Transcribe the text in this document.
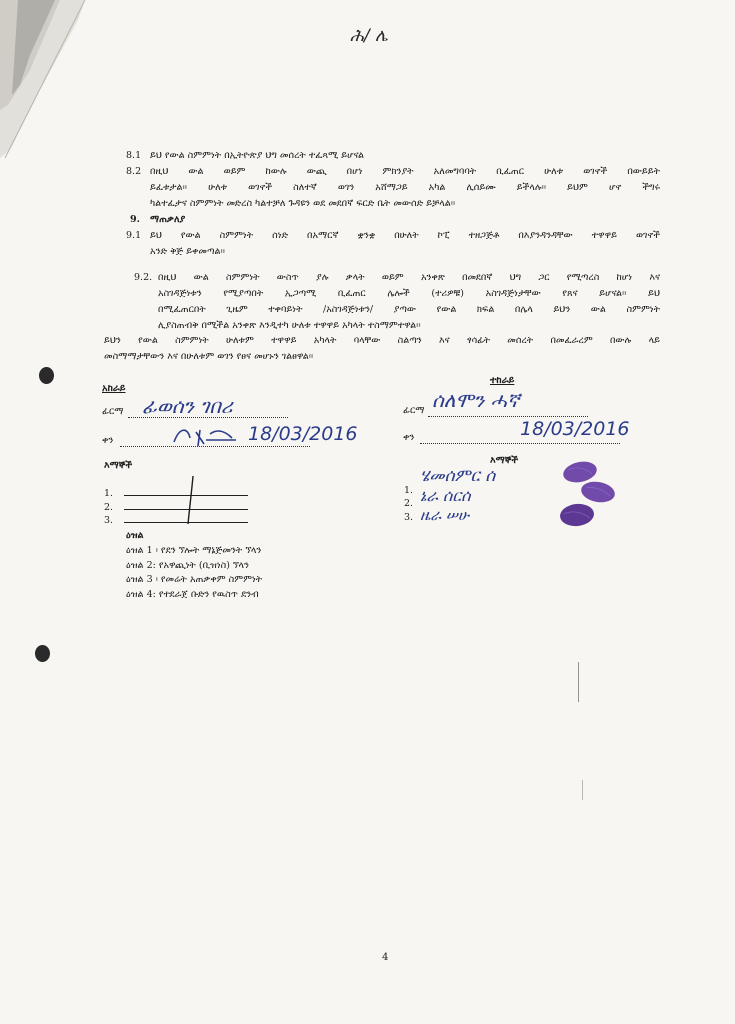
ሕ/ ሌ
8.1 ይህ የውል ስምምነት በኢትዮጵያ ህግ መሰረት ተፈጻሚ ይሆናል
8.2 በዚህ ውል ወይም ከውሉ ውጪ በሆነ ምክንያት አለመግባባት ቢፈጠር ሁለቱ ወገኖች በውይይት
ይፈቱታል፡፡ ሁለቱ ወገኖች ስለተኛ ወገን አሸማጋይ አካል ሊሰይሙ ይችላሉ፡፡ ይህም ሆኖ ችግሩ
ካልተፈታና ስምምነት መድረስ ካልተቻለ ጉዳዩን ወደ መደበኛ ፍርድ ቤት መውሰድ ይቻላል፡፡
9. ማጠቃለያ
9.1 ይህ የውል ስምምነት ሰነድ በአማርኛ ቋንቋ በሁለት ኮፒ ተዘጋጅቶ በእያንዳንዳቸው ተዋዋይ ወገኖች
አንድ ቅጅ ይቀመጣል፡፡
9.2. በዚህ ውል ስምምነት ውስጥ ያሉ ቃላት ወይም አንቀጽ በመደበኛ ህግ ጋር የሚጣረስ ከሆነ እና
አስገዳጅነቱን የሚያጣበት ኢጋጣሚ ቢፈጠር ሌሎች (ተሪዎቹ) አስገዳጅነታቸው የጸና ይሆናል፡፡ ይህ
በሚፈጠርበት ጊዜም ተቀባይነት /አስገዳጅነቱን/ ያጣው የውል ክፍል በሌላ ይህን ውል ስምምነት
ሊያስጠብቅ በሚችል አንቀጽ እንዲተካ ሁለቱ ተዋዋይ አካላት ተስማምተዋል፡፡
ይህን የውል ስምምነት ሁለቱም ተዋዋይ አካላት ባላቸው ስልጣን እና ፃሳፊት መሰረት በመፈራረም በውሉ ላይ
መስማማታቸውን እና በሁለቱም ወገን የፀና መሆኑን ገልፀዋል፡፡
አከራይ
ፊርማ ፊወሰን ገበሪ
ቀን	18/03/2016
ተከራይ
ፊርማ ሰለሞን ሓኛ
ቀን	18/03/2016
እማኞች
1.
2.
3.
እማኞች
1.
ሄመሰምር ሰ
2. ኔራ ሰርሰ
3. ዜራ ሠሁ
ዕዝል
ዕዝል 1 ፡ የደን ኘሎት ማኔጅመንት ኘላን
ዕዝል 2: የአዋጪነት (ቢዝነስ) ኘላን
ዕዝል 3 ፡ የመሬት አጠቃቀም ስምምነት
ዕዝል 4: የተደራጀ ቡድን የዉስጥ ደንብ
4
